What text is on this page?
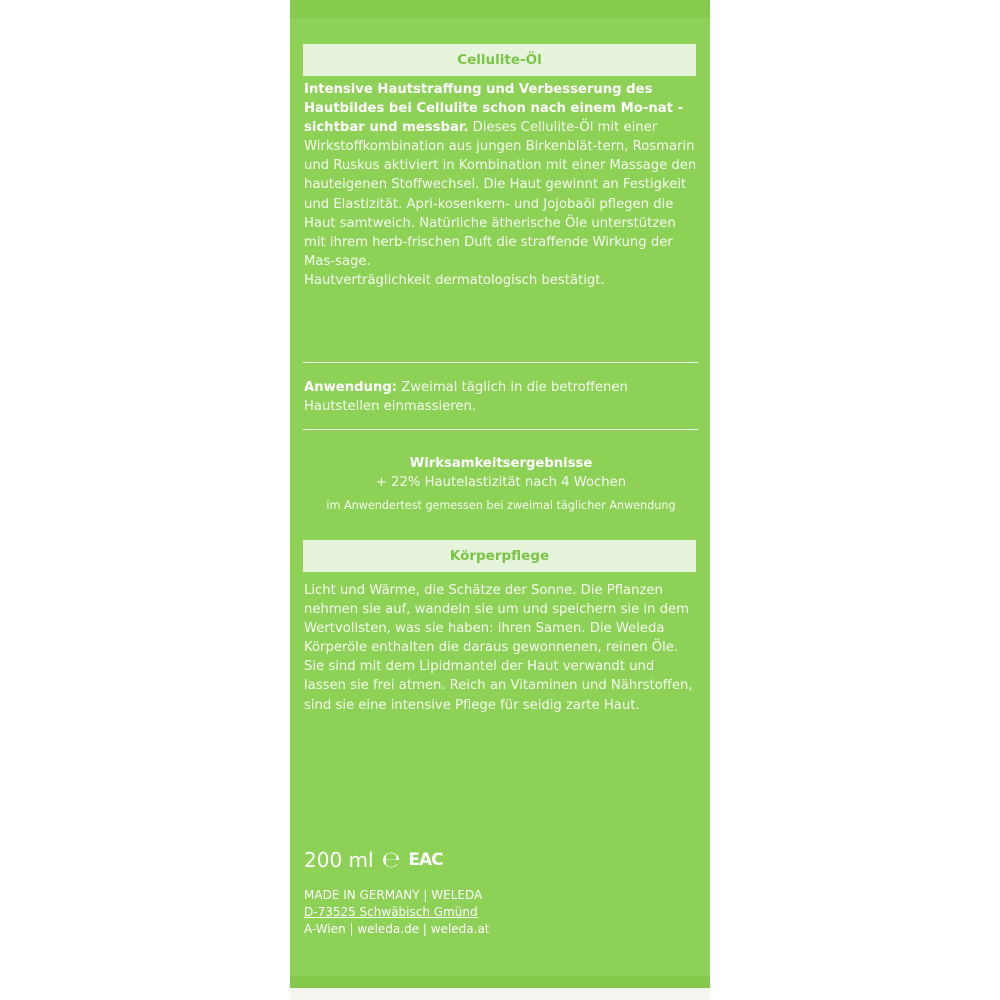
Cellulite-Öl
Intensive Hautstraffung und Verbesserung des Hautbildes bei Cellulite schon nach einem Mo-nat - sichtbar und messbar. Dieses Cellulite-Öl mit einer Wirkstoffkombination aus jungen Birkenblät-tern, Rosmarin und Ruskus aktiviert in Kombination mit einer Massage den hauteigenen Stoffwechsel. Die Haut gewinnt an Festigkeit und Elastizität. Apri-kosenkern- und Jojobaöl pflegen die Haut samtweich. Natürliche ätherische Öle unterstützen mit ihrem herb-frischen Duft die straffende Wirkung der Mas-sage.
Hautverträglichkeit dermatologisch bestätigt.
Anwendung: Zweimal täglich in die betroffenen Hautstellen einmassieren.
Wirksamkeitsergebnisse
+ 22% Hautelastizität nach 4 Wochen
im Anwendertest gemessen bei zweimal täglicher Anwendung
Körperpflege
Licht und Wärme, die Schätze der Sonne. Die Pflanzen nehmen sie auf, wandeln sie um und speichern sie in dem Wertvollsten, was sie haben: ihren Samen. Die Weleda Körperöle enthalten die daraus gewonnenen, reinen Öle. Sie sind mit dem Lipidmantel der Haut verwandt und lassen sie frei atmen. Reich an Vitaminen und Nährstoffen, sind sie eine intensive Pflege für seidig zarte Haut.
200 ml ℮ EAC
MADE IN GERMANY | WELEDA
D-73525 Schwäbisch Gmünd
A-Wien | weleda.de | weleda.at
